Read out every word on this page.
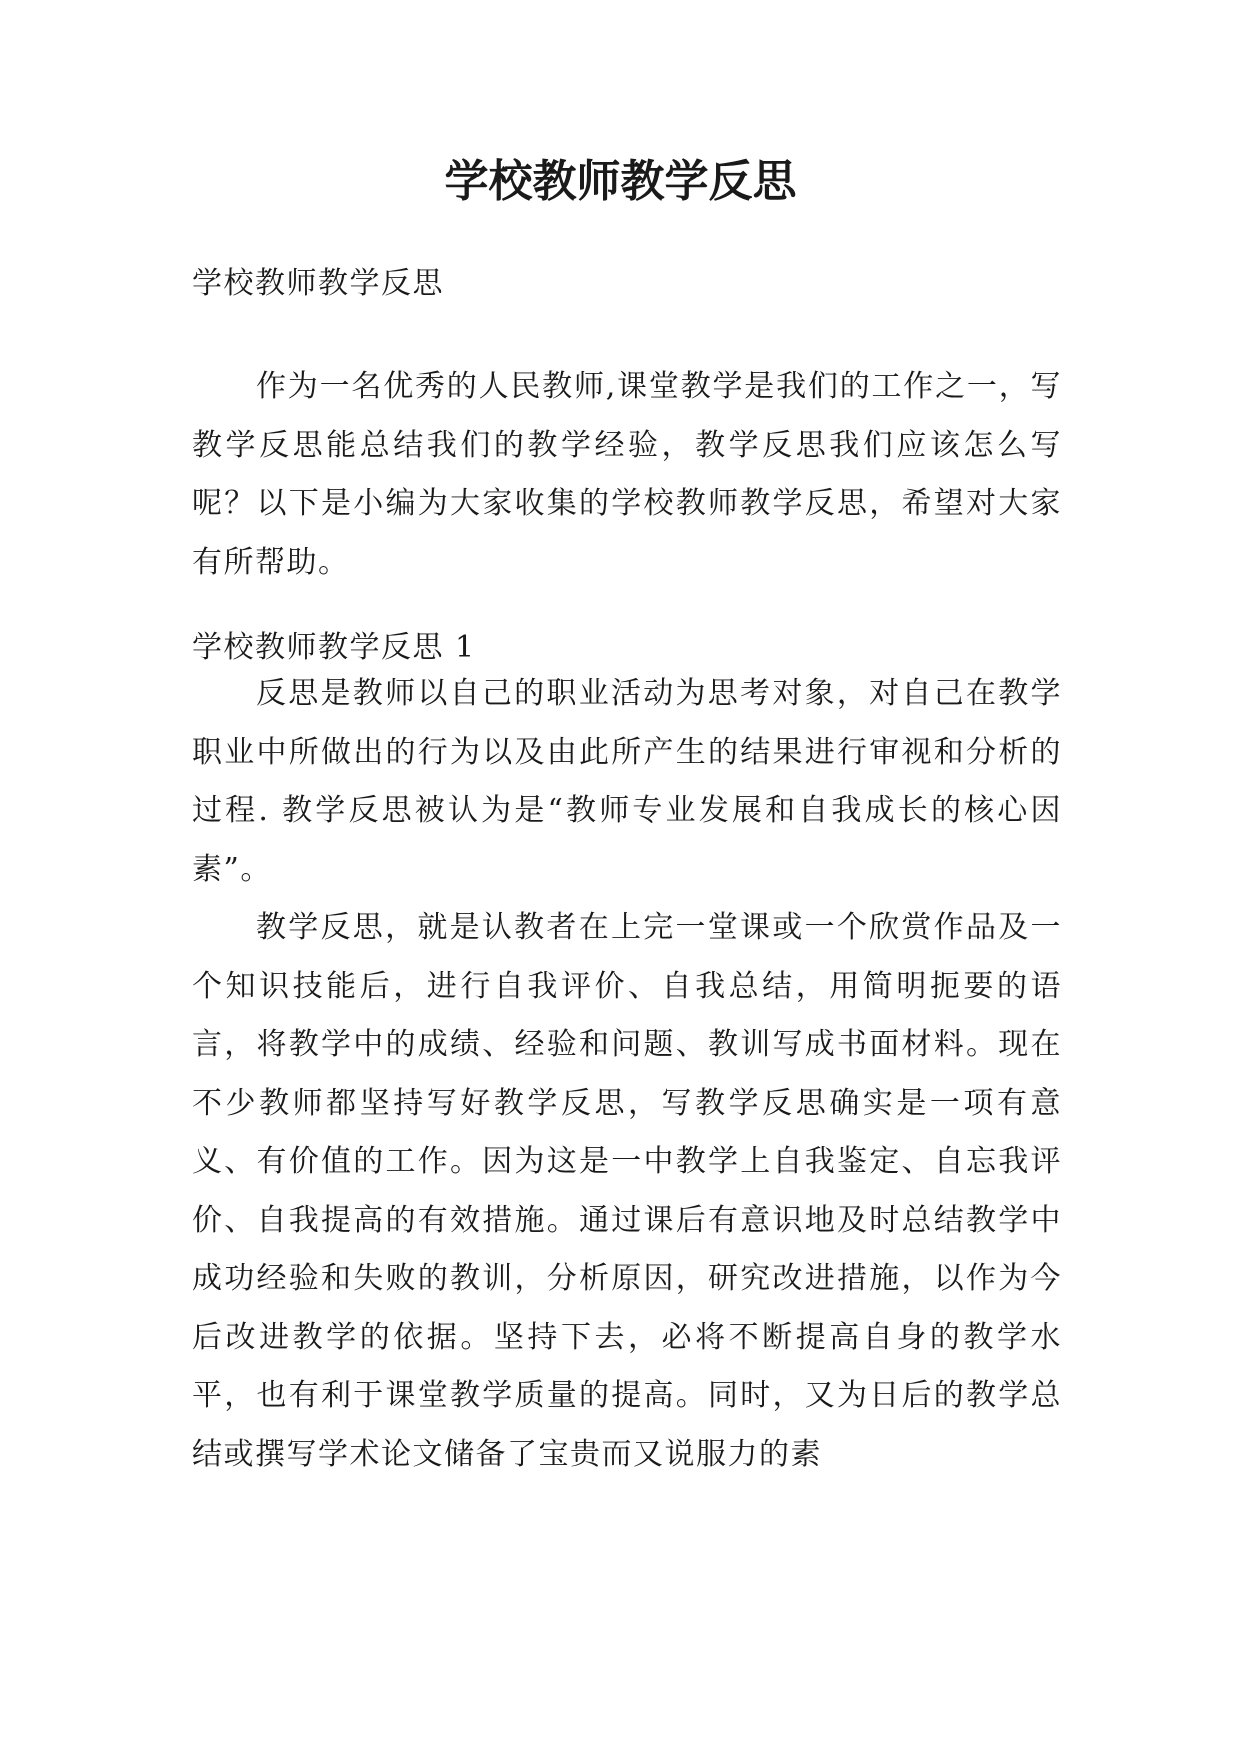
学校教师教学反思

学校教师教学反思

作为一名优秀的人民教师,课堂教学是我们的工作之一，写教学反思能总结我们的教学经验，教学反思我们应该怎么写呢？以下是小编为大家收集的学校教师教学反思，希望对大家有所帮助。

学校教师教学反思 1

反思是教师以自己的职业活动为思考对象，对自己在教学职业中所做出的行为以及由此所产生的结果进行审视和分析的过程. 教学反思被认为是“教师专业发展和自我成长的核心因素”。

教学反思，就是认教者在上完一堂课或一个欣赏作品及一个知识技能后，进行自我评价、自我总结，用简明扼要的语言，将教学中的成绩、经验和问题、教训写成书面材料。现在不少教师都坚持写好教学反思，写教学反思确实是一项有意义、有价值的工作。因为这是一中教学上自我鉴定、自忘我评价、自我提高的有效措施。通过课后有意识地及时总结教学中成功经验和失败的教训，分析原因，研究改进措施，以作为今后改进教学的依据。坚持下去，必将不断提高自身的教学水平，也有利于课堂教学质量的提高。同时，又为日后的教学总结或撰写学术论文储备了宝贵而又说服力的素
